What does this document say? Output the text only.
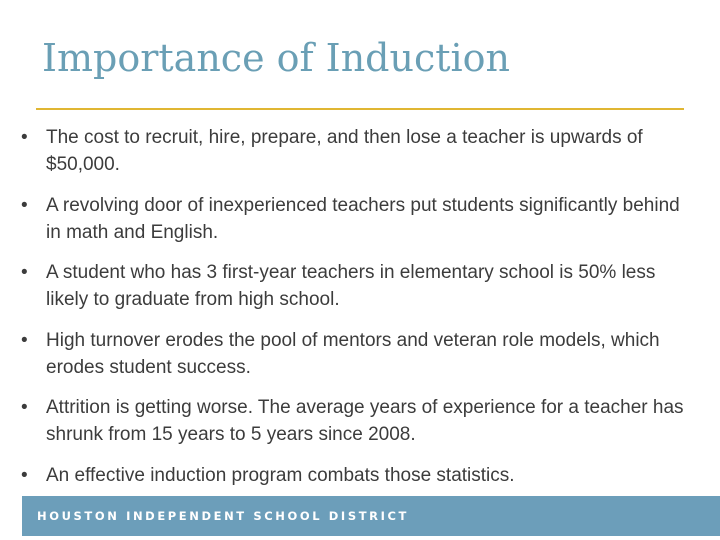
Importance of Induction
• The cost to recruit, hire, prepare, and then lose a teacher is upwards of $50,000.
• A revolving door of inexperienced teachers put students significantly behind in math and English.
• A student who has 3 first-year teachers in elementary school is 50% less likely to graduate from high school.
• High turnover erodes the pool of mentors and veteran role models, which erodes student success.
• Attrition is getting worse. The average years of experience for a teacher has shrunk from 15 years to 5 years since 2008.
• An effective induction program combats those statistics.
HOUSTON INDEPENDENT SCHOOL DISTRICT
